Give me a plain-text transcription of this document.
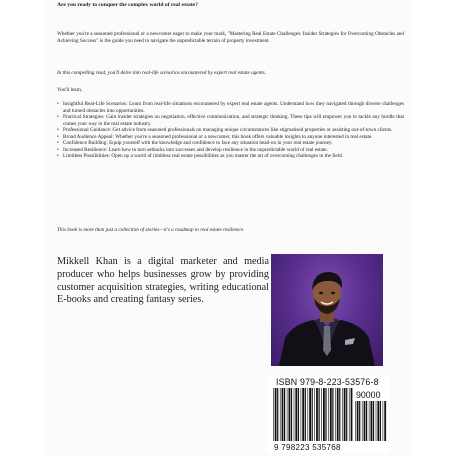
Are you ready to conquer the complex world of real estate?

Whether you're a seasoned professional or a newcomer eager to make your mark, "Mastering Real Estate Challenges: Insider Strategies for Overcoming Obstacles and Achieving Success" is the guide you need to navigate the unpredictable terrain of property investment.

In this compelling read, you'll delve into real-life scenarios encountered by expert real estate agents.

You'll learn,

• Insightful Real-Life Scenarios: Learn from real-life situations encountered by expert real estate agents. Understand how they navigated through diverse challenges and turned obstacles into opportunities.
• Practical Strategies: Gain insider strategies on negotiation, effective communication, and strategic thinking. These tips will empower you to tackle any hurdle that comes your way in the real estate industry.
• Professional Guidance: Get advice from seasoned professionals on managing unique circumstances like stigmatised properties or assisting out-of-town clients.
• Broad Audience Appeal: Whether you're a seasoned professional or a newcomer, this book offers valuable insights to anyone interested in real estate.
• Confidence Building: Equip yourself with the knowledge and confidence to face any situation head-on in your real estate journey.
• Increased Resilience: Learn how to turn setbacks into successes and develop resilience in the unpredictable world of real estate.
• Limitless Possibilities: Open up a world of limitless real estate possibilities as you master the art of overcoming challenges in the field.

This book is more than just a collection of stories—it's a roadmap to real estate resilience.

Mikkell Khan is a digital marketer and media producer who helps businesses grow by providing customer acquisition strategies, writing educational E-books and creating fantasy series.

ISBN 979-8-223-53576-8
90000
9 798223 535768
